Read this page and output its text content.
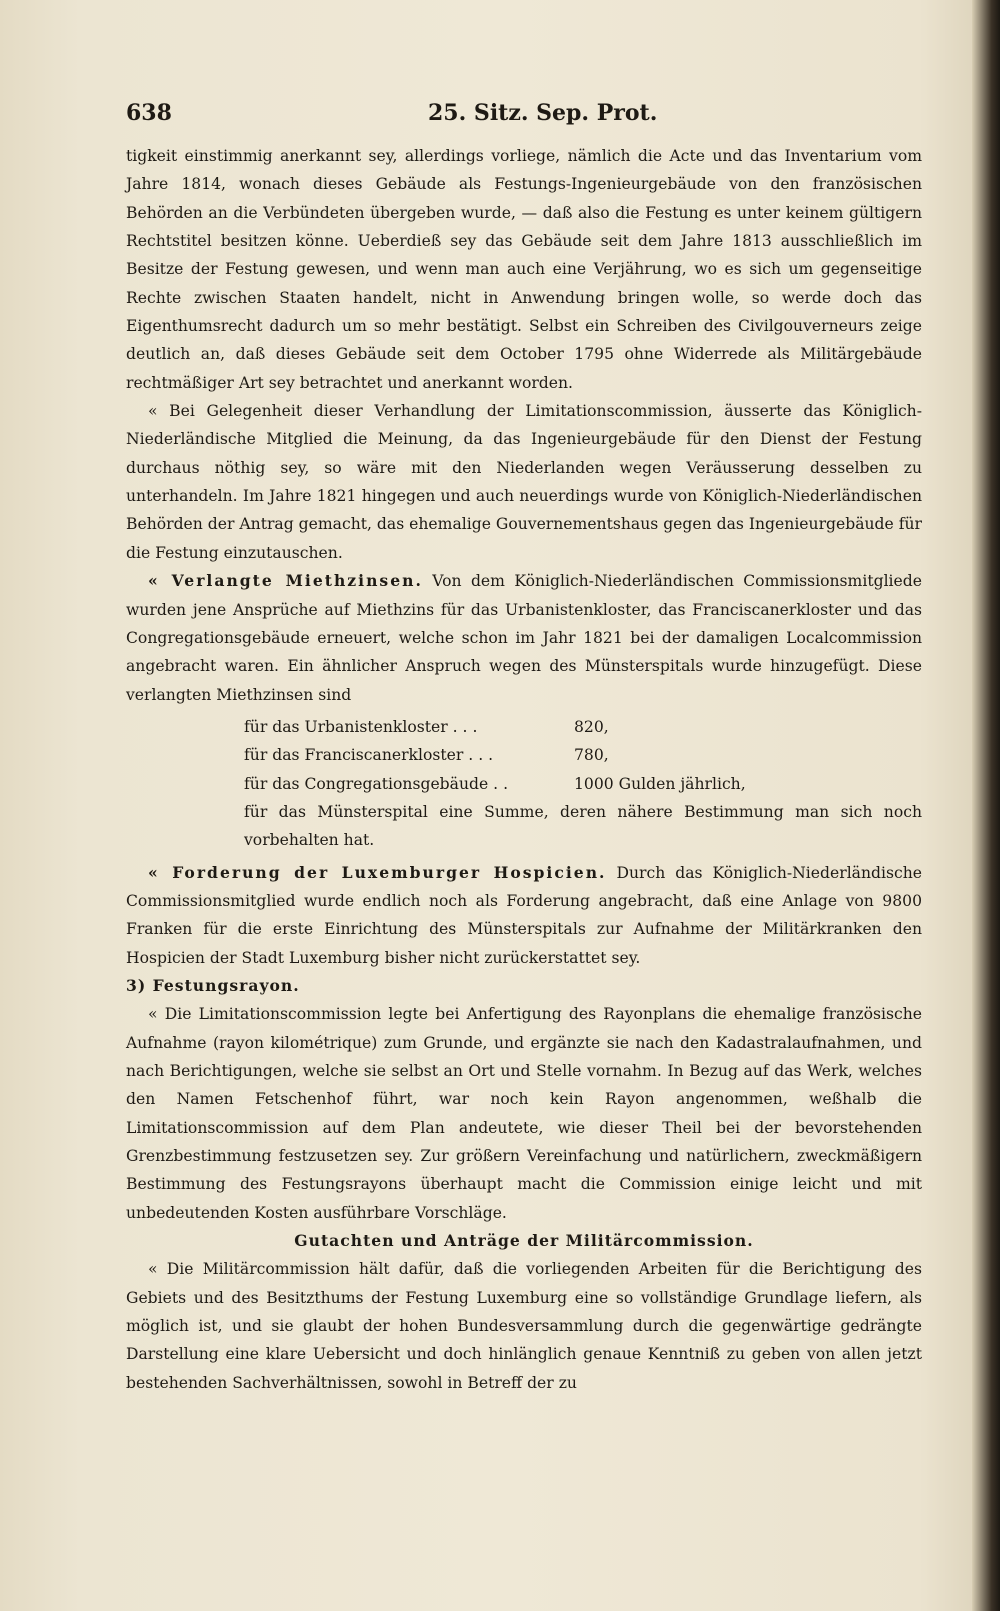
638	25. Sitz. Sep. Prot.

tigkeit einstimmig anerkannt sey, allerdings vorliege, nämlich die Acte und das Inventarium vom Jahre 1814, wonach dieses Gebäude als Festungs-Ingenieurgebäude von den französischen Behörden an die Verbündeten übergeben wurde, — daß also die Festung es unter keinem gültigern Rechtstitel besitzen könne. Ueberdieß sey das Gebäude seit dem Jahre 1813 ausschließlich im Besitze der Festung gewesen, und wenn man auch eine Verjährung, wo es sich um gegenseitige Rechte zwischen Staaten handelt, nicht in Anwendung bringen wolle, so werde doch das Eigenthumsrecht dadurch um so mehr bestätigt. Selbst ein Schreiben des Civilgouverneurs zeige deutlich an, daß dieses Gebäude seit dem October 1795 ohne Widerrede als Militärgebäude rechtmäßiger Art sey betrachtet und anerkannt worden.

« Bei Gelegenheit dieser Verhandlung der Limitationscommission, äusserte das Königlich-Niederländische Mitglied die Meinung, da das Ingenieurgebäude für den Dienst der Festung durchaus nöthig sey, so wäre mit den Niederlanden wegen Veräusserung desselben zu unterhandeln. Im Jahre 1821 hingegen und auch neuerdings wurde von Königlich-Niederländischen Behörden der Antrag gemacht, das ehemalige Gouvernementshaus gegen das Ingenieurgebäude für die Festung einzutauschen.

« Verlangte Miethzinsen. Von dem Königlich-Niederländischen Commissionsmitgliede wurden jene Ansprüche auf Miethzins für das Urbanistenkloster, das Franciscanerkloster und das Congregationsgebäude erneuert, welche schon im Jahr 1821 bei der damaligen Localcommission angebracht waren. Ein ähnlicher Anspruch wegen des Münsterspitals wurde hinzugefügt. Diese verlangten Miethzinsen sind

für das Urbanistenkloster . . .	820,
für das Franciscanerkloster . . .	780,
für das Congregationsgebäude . .	1000 Gulden jährlich,
für das Münsterspital eine Summe, deren nähere Bestimmung man sich noch vorbehalten hat.	

« Forderung der Luxemburger Hospicien. Durch das Königlich-Niederländische Commissionsmitglied wurde endlich noch als Forderung angebracht, daß eine Anlage von 9800 Franken für die erste Einrichtung des Münsterspitals zur Aufnahme der Militärkranken den Hospicien der Stadt Luxemburg bisher nicht zurückerstattet sey.

3) Festungsrayon.

« Die Limitationscommission legte bei Anfertigung des Rayonplans die ehemalige französische Aufnahme (rayon kilométrique) zum Grunde, und ergänzte sie nach den Kadastralaufnahmen, und nach Berichtigungen, welche sie selbst an Ort und Stelle vornahm. In Bezug auf das Werk, welches den Namen Fetschenhof führt, war noch kein Rayon angenommen, weßhalb die Limitationscommission auf dem Plan andeutete, wie dieser Theil bei der bevorstehenden Grenzbestimmung festzusetzen sey. Zur größern Vereinfachung und natürlichern, zweckmäßigern Bestimmung des Festungsrayons überhaupt macht die Commission einige leicht und mit unbedeutenden Kosten ausführbare Vorschläge.

Gutachten und Anträge der Militärcommission.

« Die Militärcommission hält dafür, daß die vorliegenden Arbeiten für die Berichtigung des Gebiets und des Besitzthums der Festung Luxemburg eine so vollständige Grundlage liefern, als möglich ist, und sie glaubt der hohen Bundesversammlung durch die gegenwärtige gedrängte Darstellung eine klare Uebersicht und doch hinlänglich genaue Kenntniß zu geben von allen jetzt bestehenden Sachverhältnissen, sowohl in Betreff der zu
